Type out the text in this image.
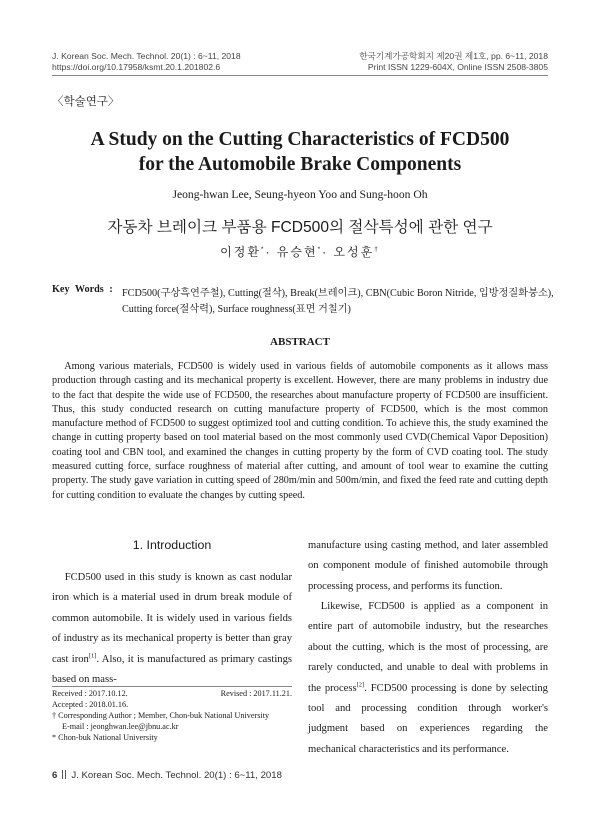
J. Korean Soc. Mech. Technol. 20(1) : 6~11, 2018
https://doi.org/10.17958/ksmt.20.1.201802.6
한국기계가공학회지 제20권 제1호, pp. 6~11, 2018
Print ISSN 1229-604X, Online ISSN 2508-3805
〈학술연구〉
A Study on the Cutting Characteristics of FCD500
for the Automobile Brake Components
Jeong-hwan Lee, Seung-hyeon Yoo and Sung-hoon Oh
자동차 브레이크 부품용 FCD500의 절삭특성에 관한 연구
이정환*· 유승현*· 오성훈†
Key Words : FCD500(구상흑연주철), Cutting(절삭), Break(브레이크), CBN(Cubic Boron Nitride, 입방정질화붕소),
Cutting force(절삭력), Surface roughness(표면 거칠기)
ABSTRACT
Among various materials, FCD500 is widely used in various fields of automobile components as it allows mass production through casting and its mechanical property is excellent. However, there are many problems in industry due to the fact that despite the wide use of FCD500, the researches about manufacture property of FCD500 are insufficient. Thus, this study conducted research on cutting manufacture property of FCD500, which is the most common manufacture method of FCD500 to suggest optimized tool and cutting condition. To achieve this, the study examined the change in cutting property based on tool material based on the most commonly used CVD(Chemical Vapor Deposition) coating tool and CBN tool, and examined the changes in cutting property by the form of CVD coating tool. The study measured cutting force, surface roughness of material after cutting, and amount of tool wear to examine the cutting property. The study gave variation in cutting speed of 280m/min and 500m/min, and fixed the feed rate and cutting depth for cutting condition to evaluate the changes by cutting speed.
1. Introduction
FCD500 used in this study is known as cast nodular iron which is a material used in drum break module of common automobile. It is widely used in various fields of industry as its mechanical property is better than gray cast iron[1]. Also, it is manufactured as primary castings based on mass-
Received : 2017.10.12.	Revised : 2017.11.21.
Accepted : 2018.01.16.
† Corresponding Author ; Member, Chon-buk National University
E-mail : jeonghwan.lee@jbnu.ac.kr
* Chon-buk National University
manufacture using casting method, and later assembled on component module of finished automobile through processing process, and performs its function.
Likewise, FCD500 is applied as a component in entire part of automobile industry, but the researches about the cutting, which is the most of processing, are rarely conducted, and unable to deal with problems in the process[2]. FCD500 processing is done by selecting tool and processing condition through worker's judgment based on experiences regarding the mechanical characteristics and its performance.
6 J. Korean Soc. Mech. Technol. 20(1) : 6~11, 2018
